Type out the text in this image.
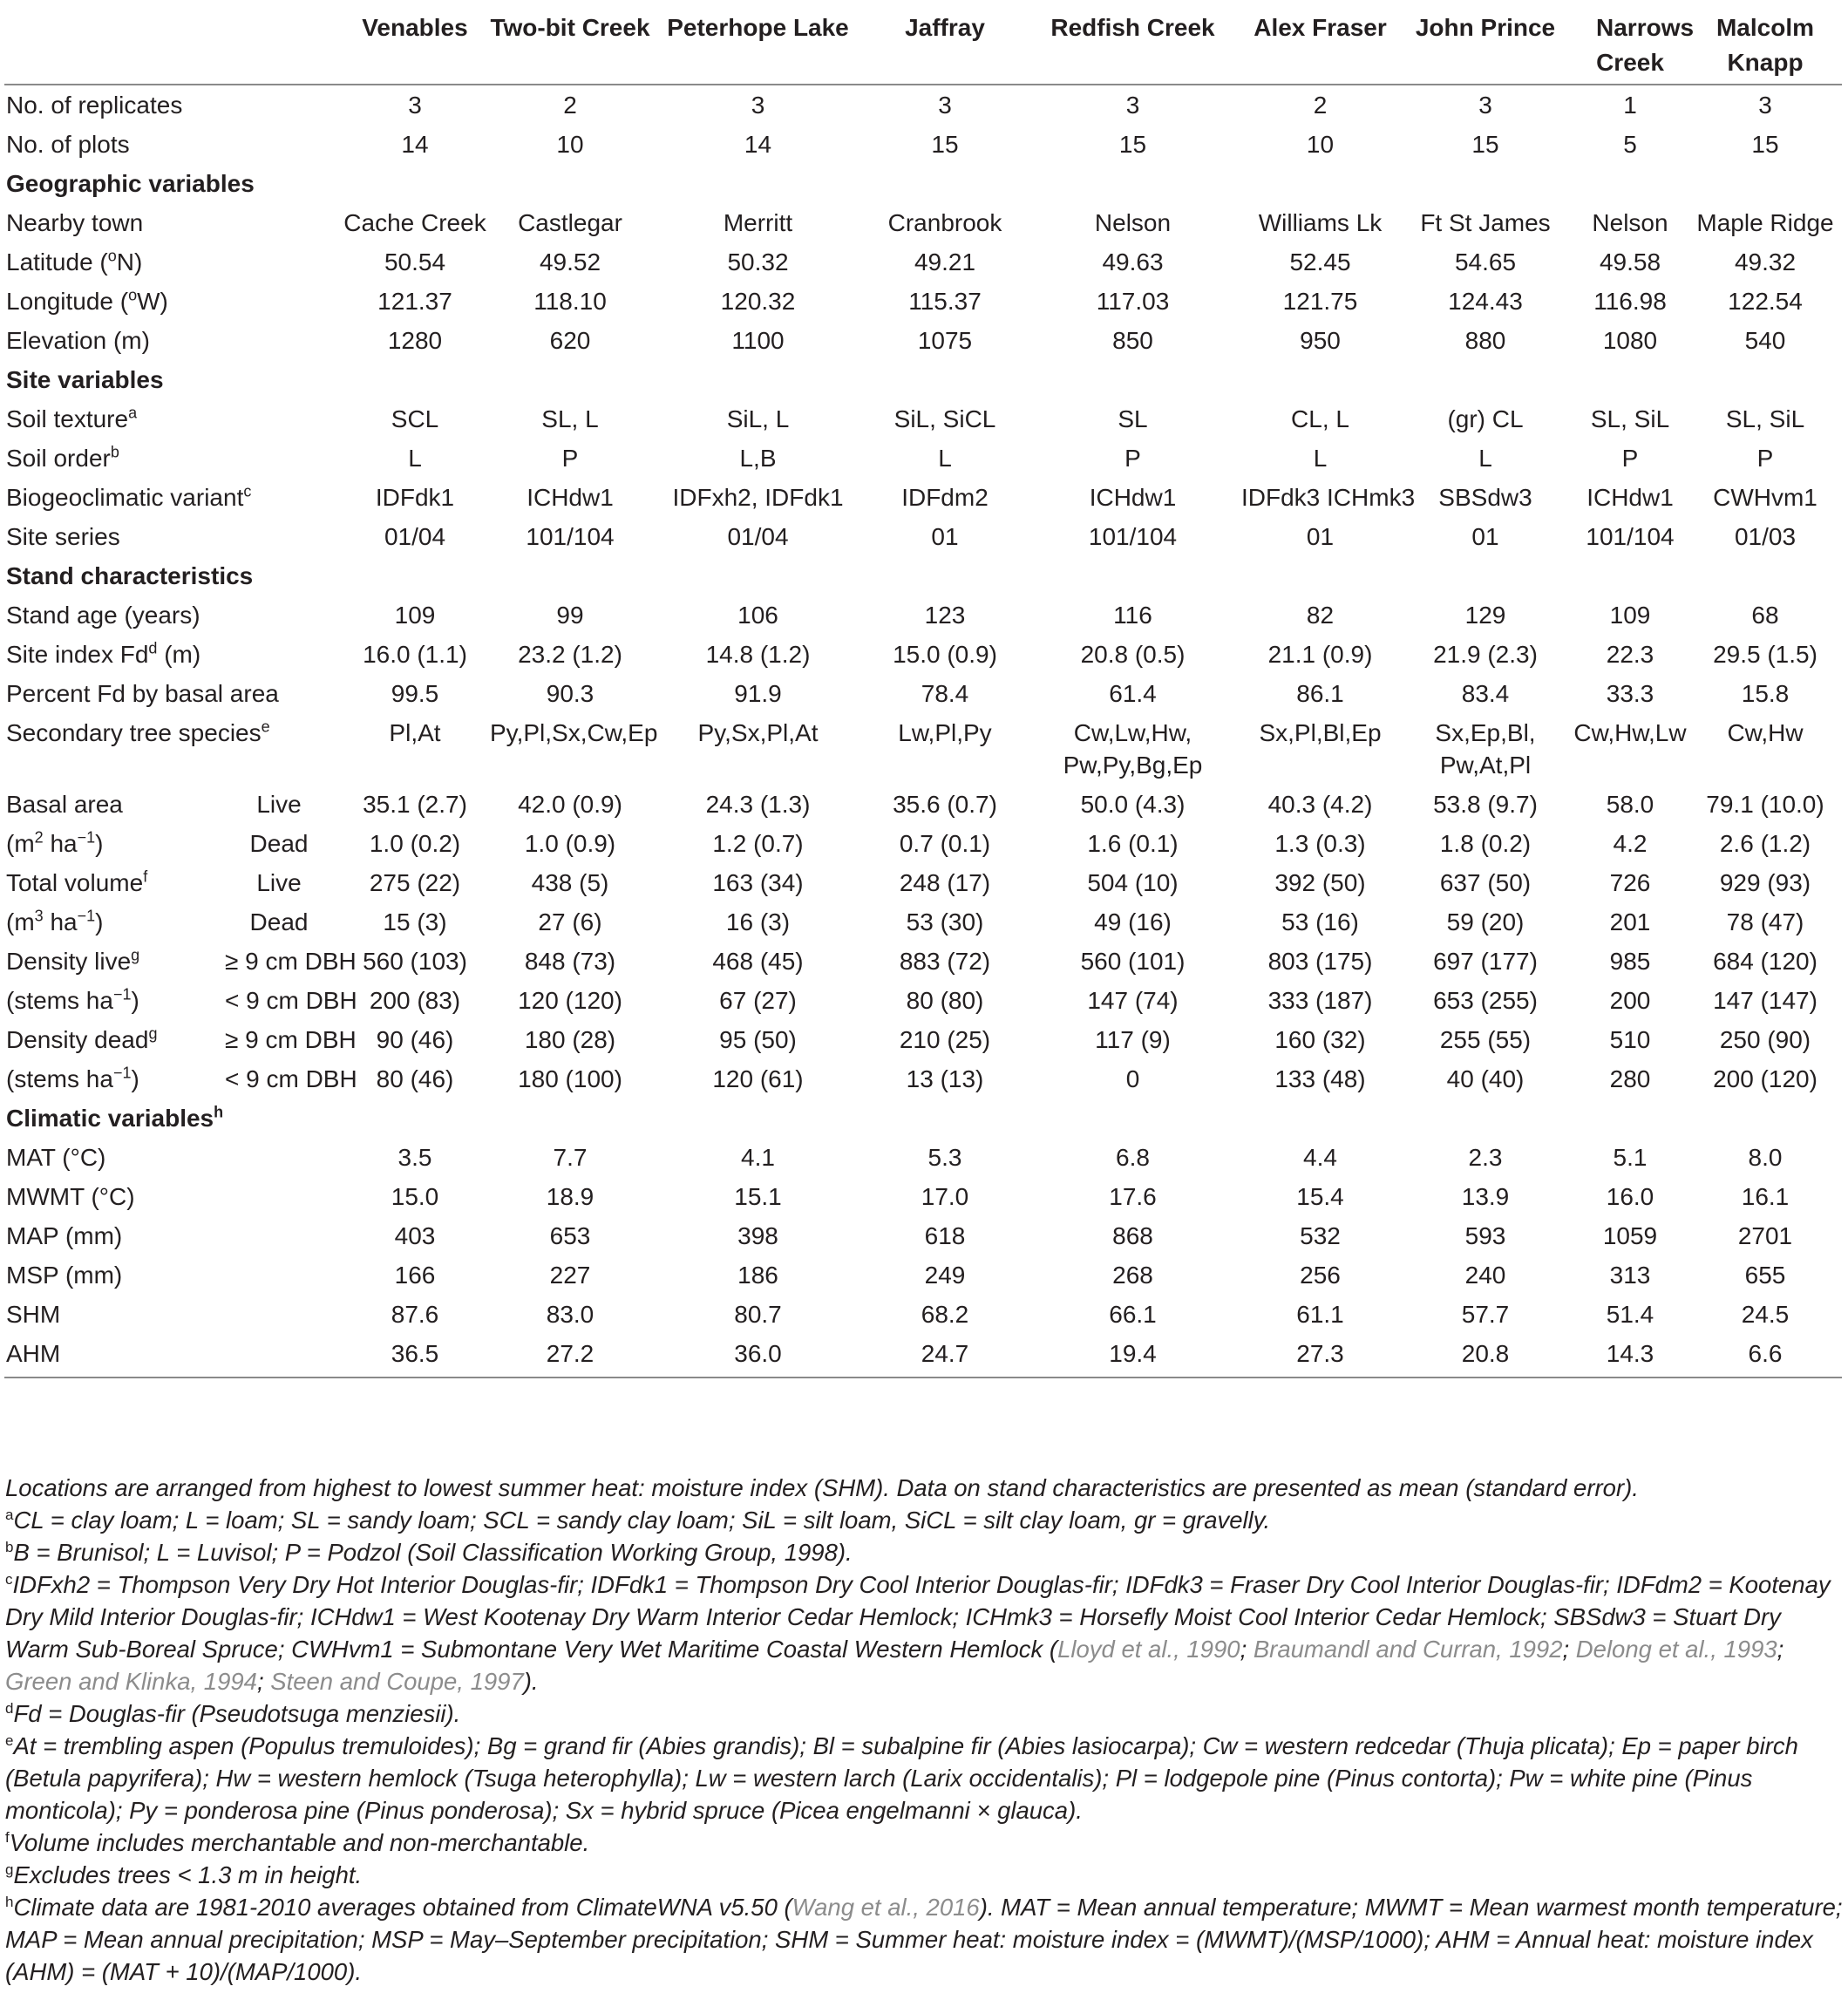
		Venables	Two-bit Creek	Peterhope Lake	Jaffray	Redfish Creek	Alex Fraser	John Prince	Narrows Creek	Malcolm Knapp
No. of replicates		3	2	3	3	3	2	3	1	3
No. of plots		14	10	14	15	15	10	15	5	15
Geographic variables										
Nearby town		Cache Creek	Castlegar	Merritt	Cranbrook	Nelson	Williams Lk	Ft St James	Nelson	Maple Ridge
Latitude ($^o$N)		50.54	49.52	50.32	49.21	49.63	52.45	54.65	49.58	49.32
Longitude ($^o$W)		121.37	118.10	120.32	115.37	117.03	121.75	124.43	116.98	122.54
Elevation (m)		1280	620	1100	1075	850	950	880	1080	540
Site variables										
Soil texture$^a$		SCL	SL, L	SiL, L	SiL, SiCL	SL	CL, L	(gr) CL	SL, SiL	SL, SiL
Soil order$^b$		L	P	L,B	L	P	L	L	P	P
Biogeoclimatic variant$^c$		IDFdk1	ICHdw1	IDFxh2, IDFdk1	IDFdm2	ICHdw1	IDFdk3 ICHmk3	SBSdw3	ICHdw1	CWHvm1
Site series		01/04	101/104	01/04	01	101/104	01	01	101/104	01/03
Stand characteristics										
Stand age (years)		109	99	106	123	116	82	129	109	68
Site index Fd$^d$ (m)		16.0 (1.1)	23.2 (1.2)	14.8 (1.2)	15.0 (0.9)	20.8 (0.5)	21.1 (0.9)	21.9 (2.3)	22.3	29.5 (1.5)
Percent Fd by basal area		99.5	90.3	91.9	78.4	61.4	86.1	83.4	33.3	15.8
Secondary tree species$^e$		Pl,At	Py,Pl,Sx,Cw,Ep	Py,Sx,Pl,At	Lw,Pl,Py	Cw,Lw,Hw, Pw,Py,Bg,Ep	Sx,Pl,Bl,Ep	Sx,Ep,Bl, Pw,At,Pl	Cw,Hw,Lw	Cw,Hw
Basal area	Live	35.1 (2.7)	42.0 (0.9)	24.3 (1.3)	35.6 (0.7)	50.0 (4.3)	40.3 (4.2)	53.8 (9.7)	58.0	79.1 (10.0)
($m^2$ $ha^{-1}$)	Dead	1.0 (0.2)	1.0 (0.9)	1.2 (0.7)	0.7 (0.1)	1.6 (0.1)	1.3 (0.3)	1.8 (0.2)	4.2	2.6 (1.2)
Total volume$^f$	Live	275 (22)	438 (5)	163 (34)	248 (17)	504 (10)	392 (50)	637 (50)	726	929 (93)
($m^3$ $ha^{-1}$)	Dead	15 (3)	27 (6)	16 (3)	53 (30)	49 (16)	53 (16)	59 (20)	201	78 (47)
Density live$^g$	≥ 9 cm DBH	560 (103)	848 (73)	468 (45)	883 (72)	560 (101)	803 (175)	697 (177)	985	684 (120)
(stems $ha^{-1}$)	< 9 cm DBH	200 (83)	120 (120)	67 (27)	80 (80)	147 (74)	333 (187)	653 (255)	200	147 (147)
Density dead$^g$	≥ 9 cm DBH	90 (46)	180 (28)	95 (50)	210 (25)	117 (9)	160 (32)	255 (55)	510	250 (90)
(stems $ha^{-1}$)	< 9 cm DBH	80 (46)	180 (100)	120 (61)	13 (13)	0	133 (48)	40 (40)	280	200 (120)
Climatic variables$^h$
MAT (°C)		3.5	7.7	4.1	5.3	6.8	4.4	2.3	5.1	8.0
MWMT (°C)		15.0	18.9	15.1	17.0	17.6	15.4	13.9	16.0	16.1
MAP (mm)		403	653	398	618	868	532	593	1059	2701
MSP (mm)		166	227	186	249	268	256	240	313	655
SHM		87.6	83.0	80.7	68.2	66.1	61.1	57.7	51.4	24.5
AHM		36.5	27.2	36.0	24.7	19.4	27.3	20.8	14.3	6.6

Locations are arranged from highest to lowest summer heat: moisture index (SHM). Data on stand characteristics are presented as mean (standard error).

$^a$CL = clay loam; L = loam; SL = sandy loam; SCL = sandy clay loam; SiL = silt loam, SiCL = silt clay loam, gr = gravelly.

$^b$B = Brunisol; L = Luvisol; P = Podzol (Soil Classification Working Group, 1998).

$^c$IDFxh2 = Thompson Very Dry Hot Interior Douglas-fir; IDFdk1 = Thompson Dry Cool Interior Douglas-fir; IDFdk3 = Fraser Dry Cool Interior Douglas-fir; IDFdm2 = Kootenay Dry Mild Interior Douglas-fir; ICHdw1 = West Kootenay Dry Warm Interior Cedar Hemlock; ICHmk3 = Horsefly Moist Cool Interior Cedar Hemlock; SBSdw3 = Stuart Dry Warm Sub-Boreal Spruce; CWHvm1 = Submontane Very Wet Maritime Coastal Western Hemlock (Lloyd et al., 1990; Braumandl and Curran, 1992; Delong et al., 1993; Green and Klinka, 1994; Steen and Coupe, 1997).

$^d$Fd = Douglas-fir (Pseudotsuga menziesii).

$^e$At = trembling aspen (Populus tremuloides); Bg = grand fir (Abies grandis); Bl = subalpine fir (Abies lasiocarpa); Cw = western redcedar (Thuja plicata); Ep = paper birch (Betula papyrifera); Hw = western hemlock (Tsuga heterophylla); Lw = western larch (Larix occidentalis); Pl = lodgepole pine (Pinus contorta); Pw = white pine (Pinus monticola); Py = ponderosa pine (Pinus ponderosa); Sx = hybrid spruce (Picea engelmanni × glauca).

$^f$Volume includes merchantable and non-merchantable.

$^g$Excludes trees < 1.3 m in height.

$^h$Climate data are 1981-2010 averages obtained from ClimateWNA v5.50 (Wang et al., 2016). MAT = Mean annual temperature; MWMT = Mean warmest month temperature; MAP = Mean annual precipitation; MSP = May–September precipitation; SHM = Summer heat: moisture index = (MWMT)/(MSP/1000); AHM = Annual heat: moisture index (AHM) = (MAT + 10)/(MAP/1000).
